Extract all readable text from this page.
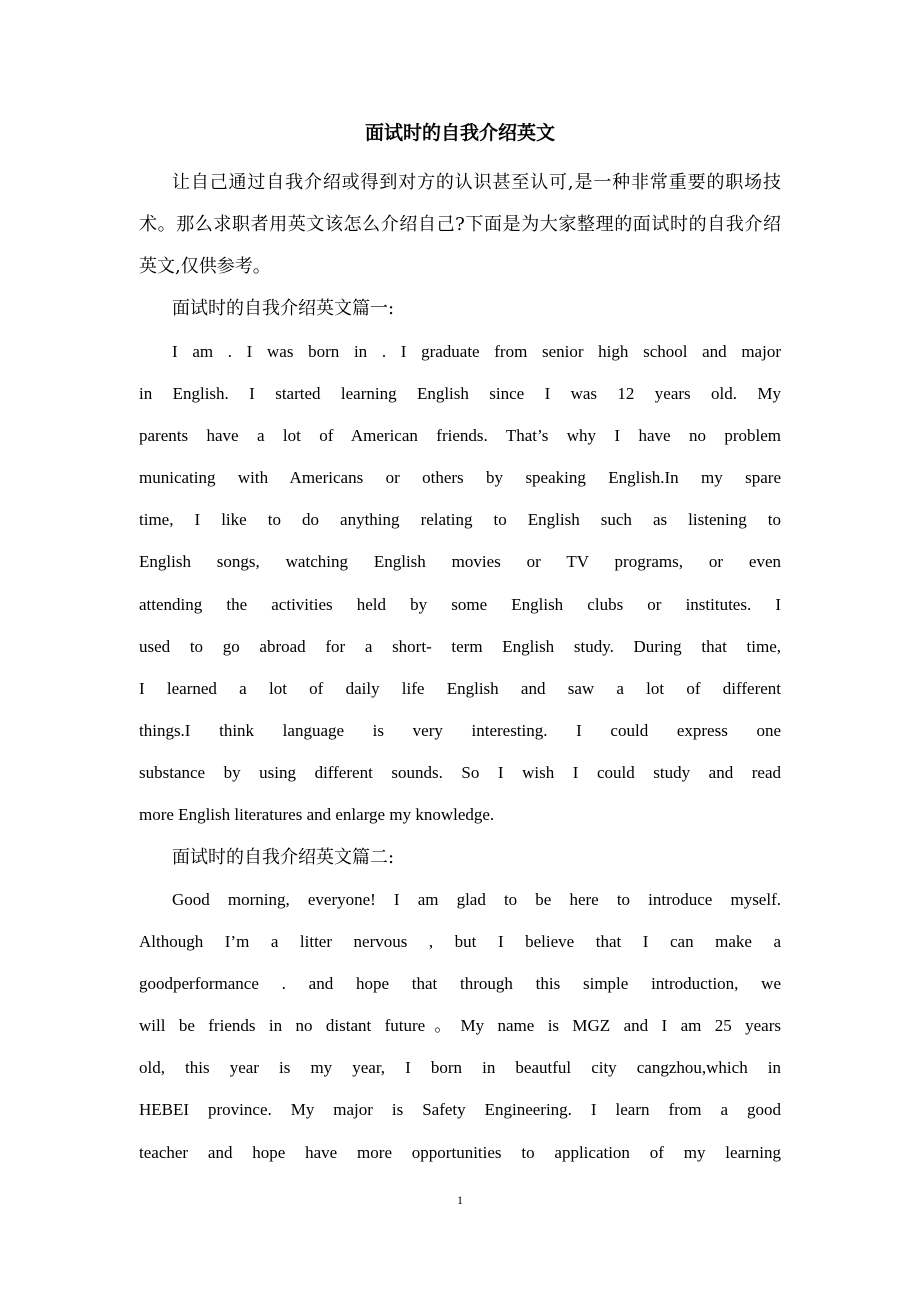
面试时的自我介绍英文
让自己通过自我介绍或得到对方的认识甚至认可,是一种非常重要的职场技
术。那么求职者用英文该怎么介绍自己?下面是为大家整理的面试时的自我介绍
英文,仅供参考。
面试时的自我介绍英文篇一:
I am . I was born in . I graduate from senior high school and major
in English. I started learning English since I was 12 years old. My
parents have a lot of American friends. That’s why I have no problem
municating with Americans or others by speaking English.In my spare
time, I like to do anything relating to English such as listening to
English songs, watching English movies or TV programs, or even
attending the activities held by some English clubs or institutes. I
used to go abroad for a short- term English study. During that time,
I learned a lot of daily life English and saw a lot of different
things.I think language is very interesting. I could express one
substance by using different sounds. So I wish I could study and read
more English literatures and enlarge my knowledge.
面试时的自我介绍英文篇二:
Good morning, everyone! I am glad to be here to introduce myself.
Although I’m a litter nervous , but I believe that I can make a
goodperformance . and hope that through this simple introduction, we
will be friends in no distant future。My name is MGZ and I am 25 years
old, this year is my year, I born in beautful city cangzhou,which in
HEBEI province. My major is Safety Engineering. I learn from a good
teacher and hope have more opportunities to application of my learning
1
